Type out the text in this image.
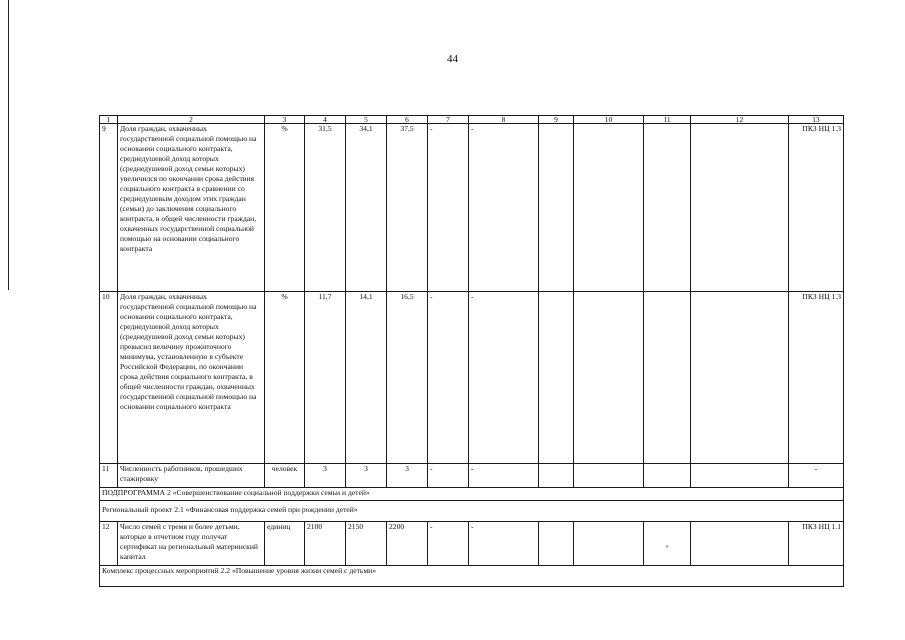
44
1	2	3	4	5	6	7	8	9	10	11	12	13
9	Доля граждан, охваченных государственной социальной помощью на основании социального контракта, среднедушевой доход которых (среднедушевой доход семьи которых) увеличился по окончании срока действия социального контракта в сравнении со среднедушевым доходом этих граждан (семьи) до заключения социального контракта, в общей численности граждан, охваченных государственной социальной помощью на основании социального контракта	%	31,5	34,1	37,5	-	-					ПКЗ НЦ 1.3
10	Доля граждан, охваченных государственной социальной помощью на основании социального контракта, среднедушевой доход которых (среднедушевой доход семьи которых) превысил величину прожиточного минимума, установленную в субъекте Российской Федерации, по окончании срока действия социального контракта, в общей численности граждан, охваченных государственной социальной помощью на основании социального контракта	%	11,7	14,1	16,5	-	-					ПКЗ НЦ 1.3
11	Численность работников, прошедших стажировку	человек	3	3	3	-	-					-
ПОДПРОГРАММА 2 «Совершенствование социальной поддержки семьи и детей»												
Региональный проект 2.1 «Финансовая поддержка семей при рождении детей»												
12	Число семей с тремя и более детьми, которые в отчетном году получат сертификат на региональный материнский капитал	единиц	2100	2150	2200	-	-			+		ПКЗ НЦ 1.1
Комплекс процессных мероприятий 2.2 «Повышение уровня жизни семей с детьми»												
